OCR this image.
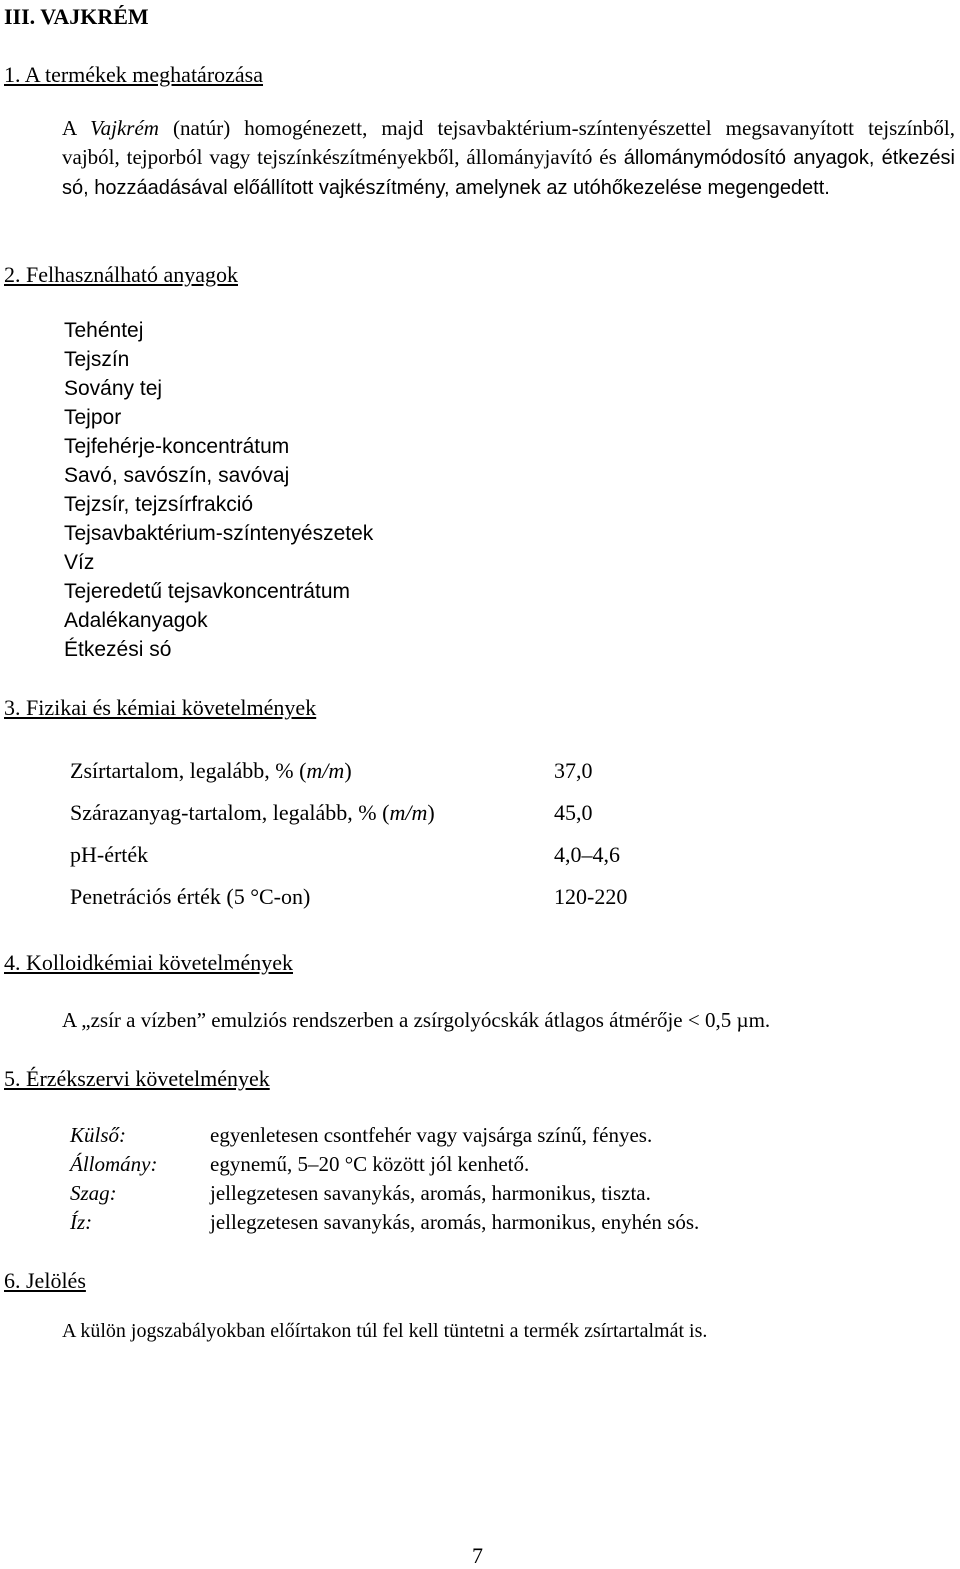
III. VAJKRÉM
1. A termékek meghatározása
A Vajkrém (natúr) homogénezett, majd tejsavbaktérium-színtenyészettel megsavanyított tejszínből, vajból, tejporból vagy tejszínkészítményekből, állományjavító és állománymódosító anyagok, étkezési só, hozzáadásával előállított vajkészítmény, amelynek az utóhőkezelése megengedett.
2. Felhasználható anyagok
Tehéntej
Tejszín
Sovány tej
Tejpor
Tejfehérje-koncentrátum
Savó, savószín, savóvaj
Tejzsír, tejzsírfrakció
Tejsavbaktérium-színtenyészetek
Víz
Tejeredetű tejsavkoncentrátum
Adalékanyagok
Étkezési só
3. Fizikai és kémiai követelmények
Zsírtartalom, legalább, % (m/m)	37,0
Szárazanyag-tartalom, legalább, % (m/m)	45,0
pH-érték	4,0–4,6
Penetrációs érték (5 °C-on)	120-220
4. Kolloidkémiai követelmények
A „zsír a vízben” emulziós rendszerben a zsírgolyócskák átlagos átmérője < 0,5 µm.
5. Érzékszervi követelmények
Külső:	egyenletesen csontfehér vagy vajsárga színű, fényes.
Állomány:	egynemű, 5–20 °C között jól kenhető.
Szag:	jellegzetesen savanykás, aromás, harmonikus, tiszta.
Íz:	jellegzetesen savanykás, aromás, harmonikus, enyhén sós.
6. Jelölés
A külön jogszabályokban előírtakon túl fel kell tüntetni a termék zsírtartalmát is.
7
